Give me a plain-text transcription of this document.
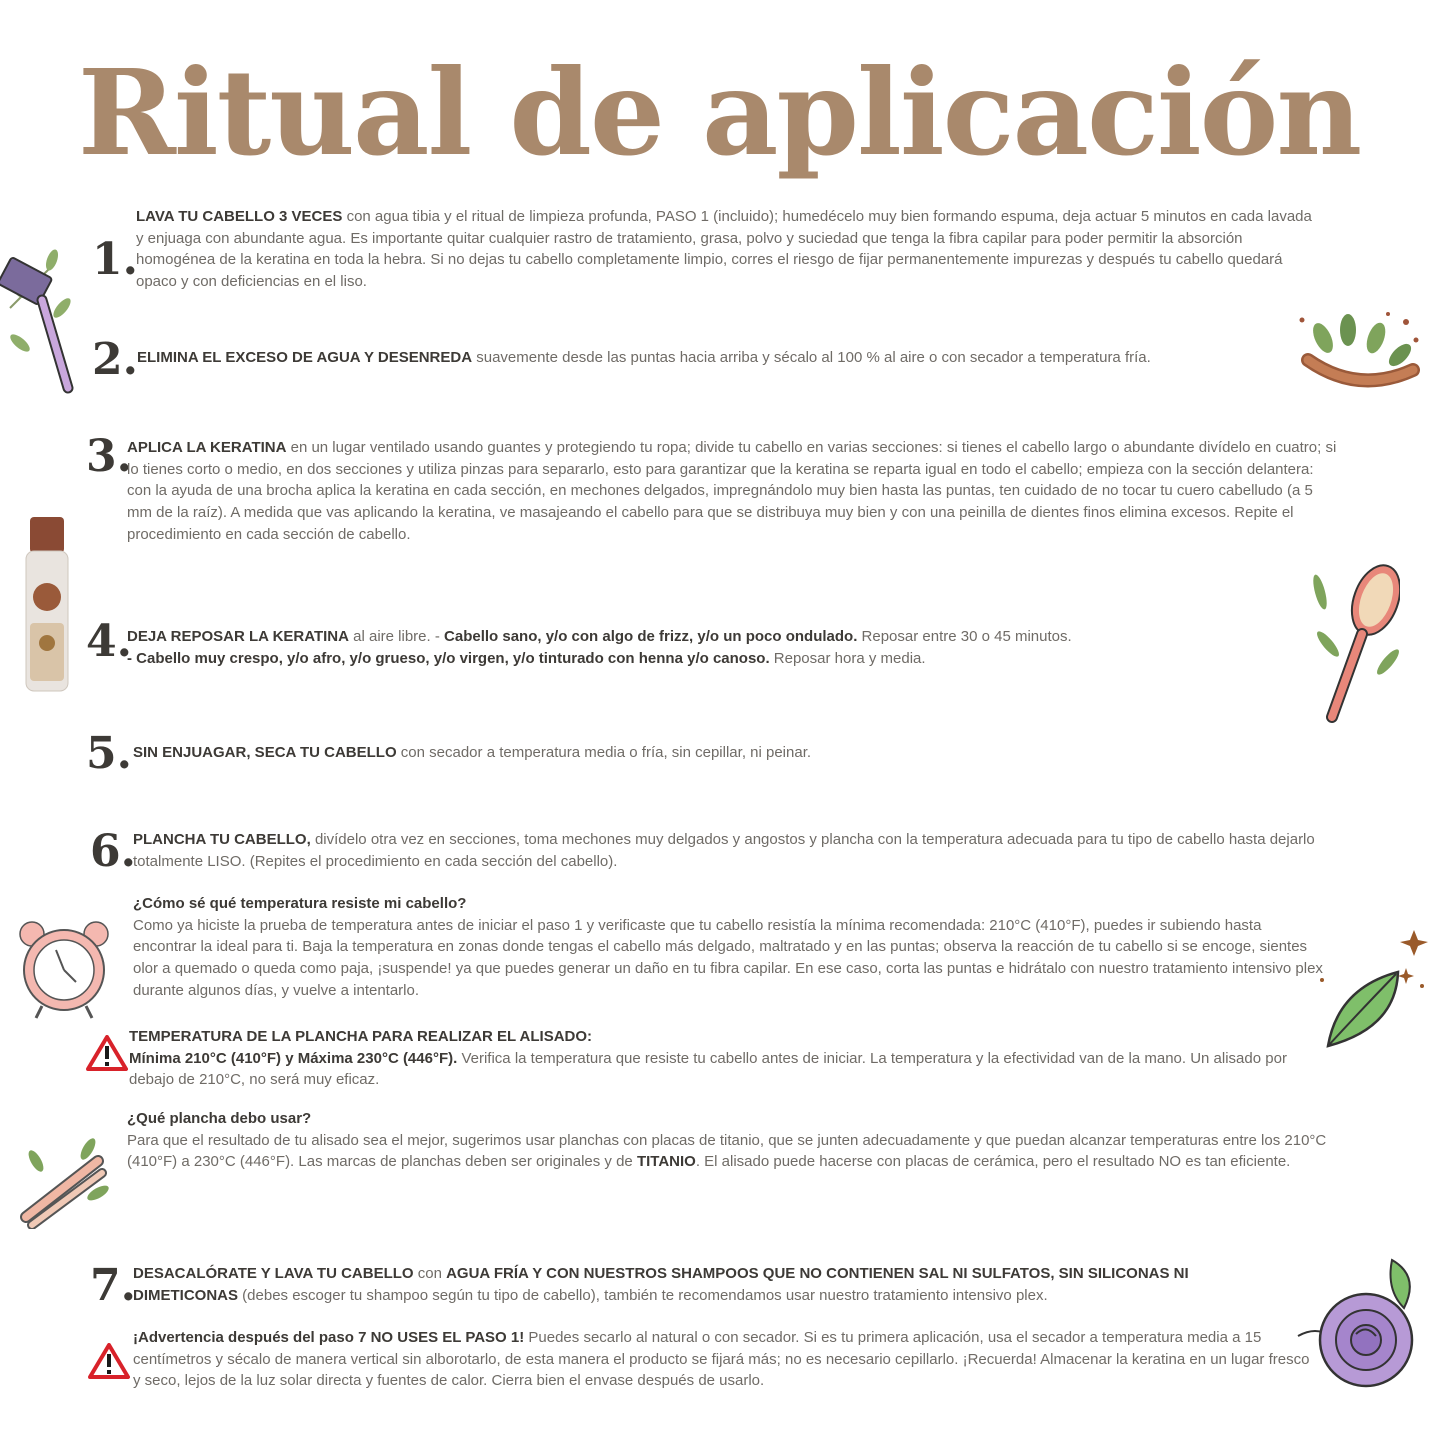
Ritual de aplicación
1.
LAVA TU CABELLO 3 VECES con agua tibia y el ritual de limpieza profunda, PASO 1 (incluido); humedécelo muy bien formando espuma, deja actuar 5 minutos en cada lavada y enjuaga con abundante agua. Es importante quitar cualquier rastro de tratamiento, grasa, polvo y suciedad que tenga la fibra capilar para poder permitir la absorción homogénea de la keratina en toda la hebra. Si no dejas tu cabello completamente limpio, corres el riesgo de fijar permanentemente impurezas y después tu cabello quedará opaco y con deficiencias en el liso.
2. ELIMINA EL EXCESO DE AGUA Y DESENREDA suavemente desde las puntas hacia arriba y sécalo al 100 % al aire o con secador a temperatura fría.
3.
APLICA LA KERATINA en un lugar ventilado usando guantes y protegiendo tu ropa; divide tu cabello en varias secciones: si tienes el cabello largo o abundante divídelo en cuatro; si lo tienes corto o medio, en dos secciones y utiliza pinzas para separarlo, esto para garantizar que la keratina se reparta igual en todo el cabello; empieza con la sección delantera: con la ayuda de una brocha aplica la keratina en cada sección, en mechones delgados, impregnándolo muy bien hasta las puntas, ten cuidado de no tocar tu cuero cabelludo (a 5 mm de la raíz). A medida que vas aplicando la keratina, ve masajeando el cabello para que se distribuya muy bien y con una peinilla de dientes finos elimina excesos. Repite el procedimiento en cada sección de cabello.
4.
DEJA REPOSAR LA KERATINA al aire libre. - Cabello sano, y/o con algo de frizz, y/o un poco ondulado. Reposar entre 30 o 45 minutos.
- Cabello muy crespo, y/o afro, y/o grueso, y/o virgen, y/o tinturado con henna y/o canoso. Reposar hora y media.
5. SIN ENJUAGAR, SECA TU CABELLO con secador a temperatura media o fría, sin cepillar, ni peinar.
6.
PLANCHA TU CABELLO, divídelo otra vez en secciones, toma mechones muy delgados y angostos y plancha con la temperatura adecuada para tu tipo de cabello hasta dejarlo totalmente LISO. (Repites el procedimiento en cada sección del cabello).
¿Cómo sé qué temperatura resiste mi cabello?
Como ya hiciste la prueba de temperatura antes de iniciar el paso 1 y verificaste que tu cabello resistía la mínima recomendada: 210°C (410°F), puedes ir subiendo hasta encontrar la ideal para ti. Baja la temperatura en zonas donde tengas el cabello más delgado, maltratado y en las puntas; observa la reacción de tu cabello si se encoge, sientes olor a quemado o queda como paja, ¡suspende! ya que puedes generar un daño en tu fibra capilar. En ese caso, corta las puntas e hidrátalo con nuestro tratamiento intensivo plex durante algunos días, y vuelve a intentarlo.
TEMPERATURA DE LA PLANCHA PARA REALIZAR EL ALISADO:
Mínima 210°C (410°F) y Máxima 230°C (446°F). Verifica la temperatura que resiste tu cabello antes de iniciar. La temperatura y la efectividad van de la mano. Un alisado por debajo de 210°C, no será muy eficaz.
¿Qué plancha debo usar?
Para que el resultado de tu alisado sea el mejor, sugerimos usar planchas con placas de titanio, que se junten adecuadamente y que puedan alcanzar temperaturas entre los 210°C (410°F) a 230°C (446°F). Las marcas de planchas deben ser originales y de TITANIO. El alisado puede hacerse con placas de cerámica, pero el resultado NO es tan eficiente.
7.
DESACALÓRATE Y LAVA TU CABELLO con AGUA FRÍA Y CON NUESTROS SHAMPOOS QUE NO CONTIENEN SAL NI SULFATOS, SIN SILICONAS NI DIMETICONAS (debes escoger tu shampoo según tu tipo de cabello), también te recomendamos usar nuestro tratamiento intensivo plex.
¡Advertencia después del paso 7 NO USES EL PASO 1! Puedes secarlo al natural o con secador. Si es tu primera aplicación, usa el secador a temperatura media a 15 centímetros y sécalo de manera vertical sin alborotarlo, de esta manera el producto se fijará más; no es necesario cepillarlo. ¡Recuerda! Almacenar la keratina en un lugar fresco y seco, lejos de la luz solar directa y fuentes de calor. Cierra bien el envase después de usarlo.
